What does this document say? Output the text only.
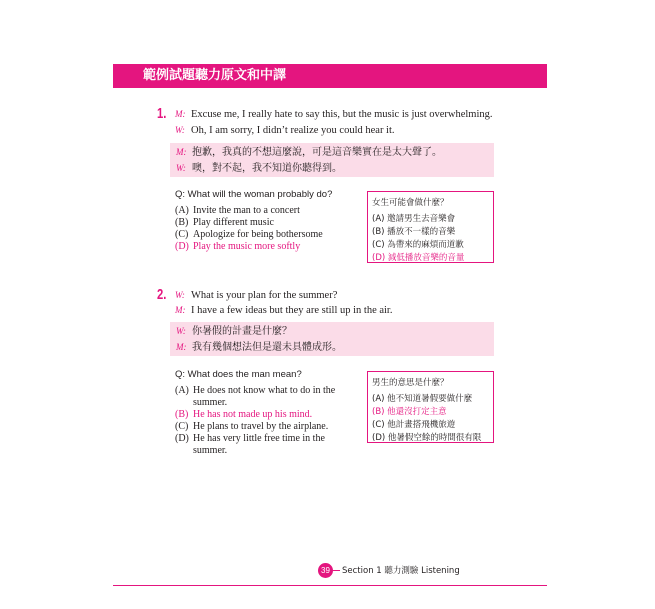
範例試題聽力原文和中譯
1. M: Excuse me, I really hate to say this, but the music is just overwhelming.
W: Oh, I am sorry, I didn’t realize you could hear it.
M: 抱歉，我真的不想這麼說，可是這音樂實在是太大聲了。
W: 噢，對不起，我不知道你聽得到。
Q: What will the woman probably do?
(A) Invite the man to a concert
(B) Play different music
(C) Apologize for being bothersome
(D) Play the music more softly
女生可能會做什麼？
(A) 邀請男生去音樂會
(B) 播放不一樣的音樂
(C) 為帶來的麻煩而道歉
(D) 減低播放音樂的音量
2. W: What is your plan for the summer?
M: I have a few ideas but they are still up in the air.
W: 你暑假的計畫是什麼？
M: 我有幾個想法但是還未具體成形。
Q: What does the man mean?
(A) He does not know what to do in the
summer.
(B) He has not made up his mind.
(C) He plans to travel by the airplane.
(D) He has very little free time in the
summer.
男生的意思是什麼？
(A) 他不知道暑假要做什麼
(B) 他還沒打定主意
(C) 他計畫搭飛機旅遊
(D) 他暑假空餘的時間很有限
39	Section 1 聽力測驗 Listening
